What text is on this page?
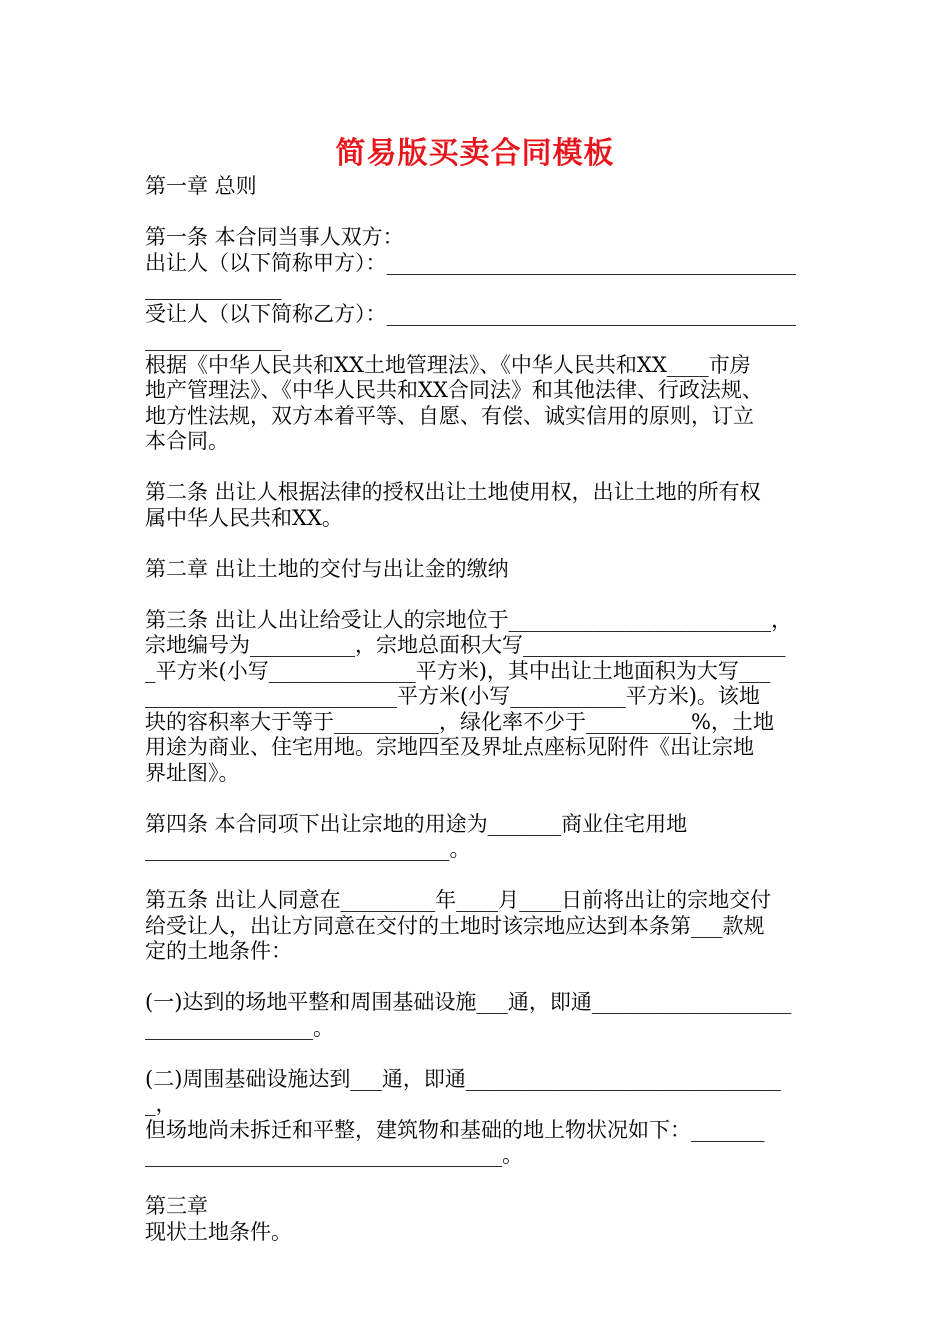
简易版买卖合同模板
第一章 总则
第一条 本合同当事人双方：
出让人（以下简称甲方）：_______________________________________
_____________
受让人（以下简称乙方）：_______________________________________
_____________
根据《中华人民共和XX土地管理法》、《中华人民共和XX____市房
地产管理法》、《中华人民共和XX合同法》和其他法律、行政法规、
地方性法规，双方本着平等、自愿、有偿、诚实信用的原则，订立
本合同。
第二条 出让人根据法律的授权出让土地使用权，出让土地的所有权
属中华人民共和XX。
第二章 出让土地的交付与出让金的缴纳
第三条 出让人出让给受让人的宗地位于_________________________，
宗地编号为__________，宗地总面积大写_________________________
_平方米(小写______________平方米)，其中出让土地面积为大写___
________________________平方米(小写___________平方米)。该地
块的容积率大于等于__________，绿化率不少于__________%，土地
用途为商业、住宅用地。宗地四至及界址点座标见附件《出让宗地
界址图》。
第四条 本合同项下出让宗地的用途为_______商业住宅用地
_____________________________。
第五条 出让人同意在_________年____月____日前将出让的宗地交付
给受让人，出让方同意在交付的土地时该宗地应达到本条第___款规
定的土地条件：
(一)达到的场地平整和周围基础设施___通，即通___________________
________________。
(二)周围基础设施达到___通，即通_______________________________，
但场地尚未拆迁和平整，建筑物和基础的地上物状况如下：_______
__________________________________。
第三章
现状土地条件。
